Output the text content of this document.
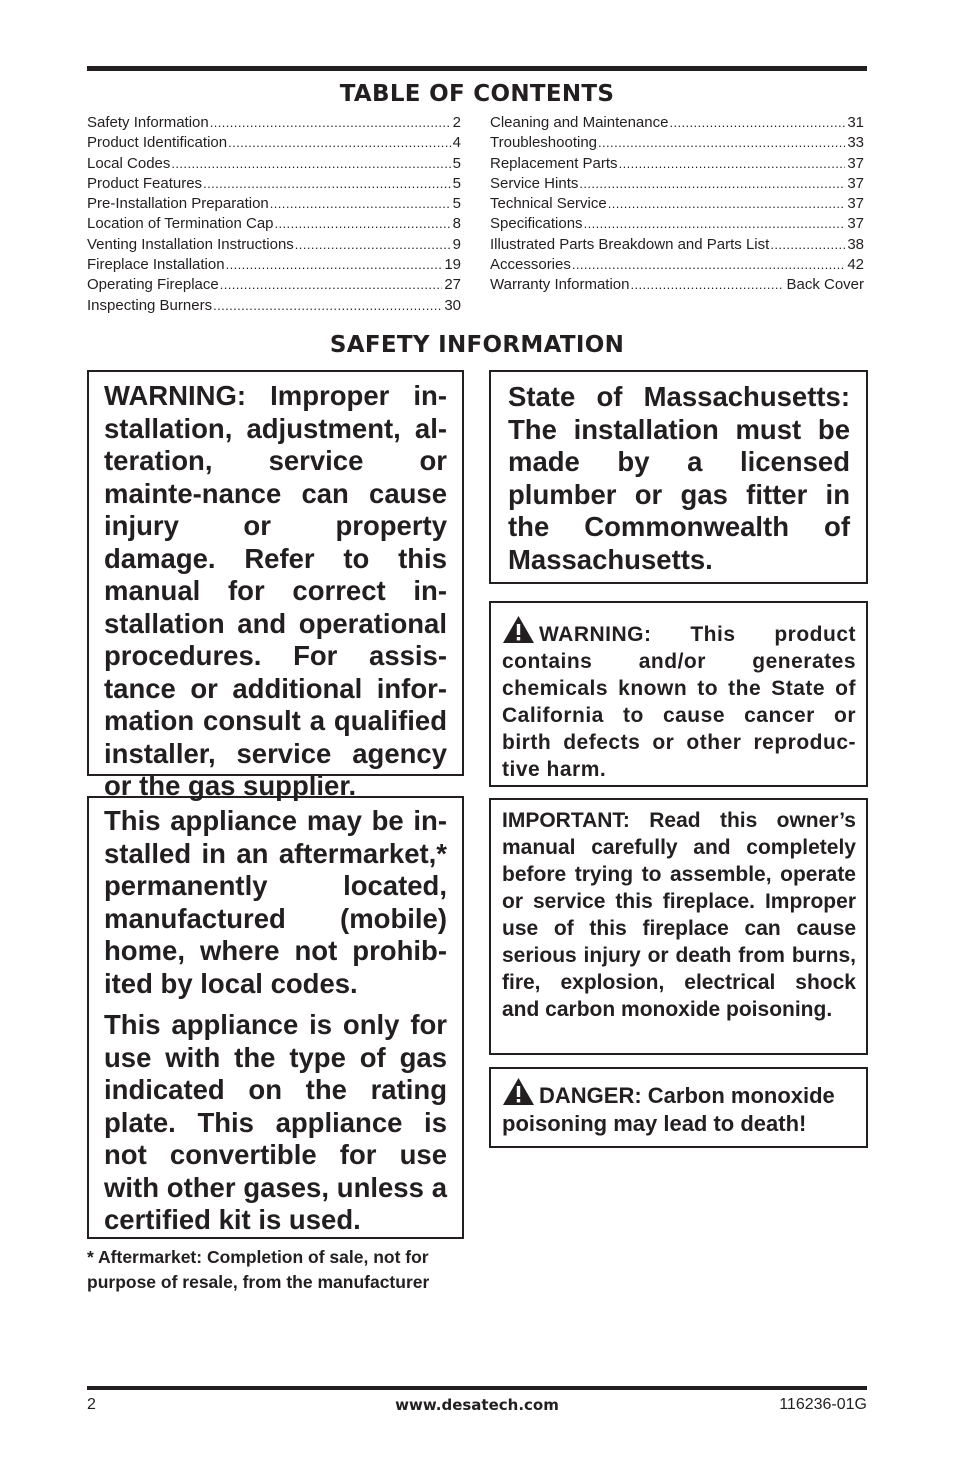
TABLE OF CONTENTS
Safety Information .....	2
Product Identification .....	4
Local Codes .....	5
Product Features .....	5
Pre-Installation Preparation .....	5
Location of Termination Cap .....	8
Venting Installation Instructions .....	9
Fireplace Installation .....	19
Operating Fireplace .....	27
Inspecting Burners .....	30
Cleaning and Maintenance .....	31
Troubleshooting .....	33
Replacement Parts .....	37
Service Hints .....	37
Technical Service .....	37
Specifications .....	37
Illustrated Parts Breakdown and Parts List .....	38
Accessories .....	42
Warranty Information .....	Back Cover
SAFETY INFORMATION

WARNING: Improper in-stallation, adjustment, al-teration, service or mainte-nance can cause injury or property damage. Refer to this manual for correct in-stallation and operational procedures. For assis-tance or additional infor-mation consult a qualified installer, service agency or the gas supplier.

State of Massachusetts: The installation must be made by a licensed plumber or gas fitter in the Commonwealth of Massachusetts.

WARNING: This product contains and/or generates chemicals known to the State of California to cause cancer or birth defects or other reproduc-tive harm.

This appliance may be in-stalled in an aftermarket,* permanently located, manufactured (mobile) home, where not prohib-ited by local codes.

This appliance is only for use with the type of gas indicated on the rating plate. This appliance is not convertible for use with other gases, unless a certified kit is used.

IMPORTANT: Read this owner’s manual carefully and completely before trying to assemble, operate or service this fireplace. Improper use of this fireplace can cause serious injury or death from burns, fire, explosion, electrical shock and carbon monoxide poisoning.

DANGER: Carbon monoxide poisoning may lead to death!

* Aftermarket: Completion of sale, not for purpose of resale, from the manufacturer
2	www.desatech.com	116236-01G
